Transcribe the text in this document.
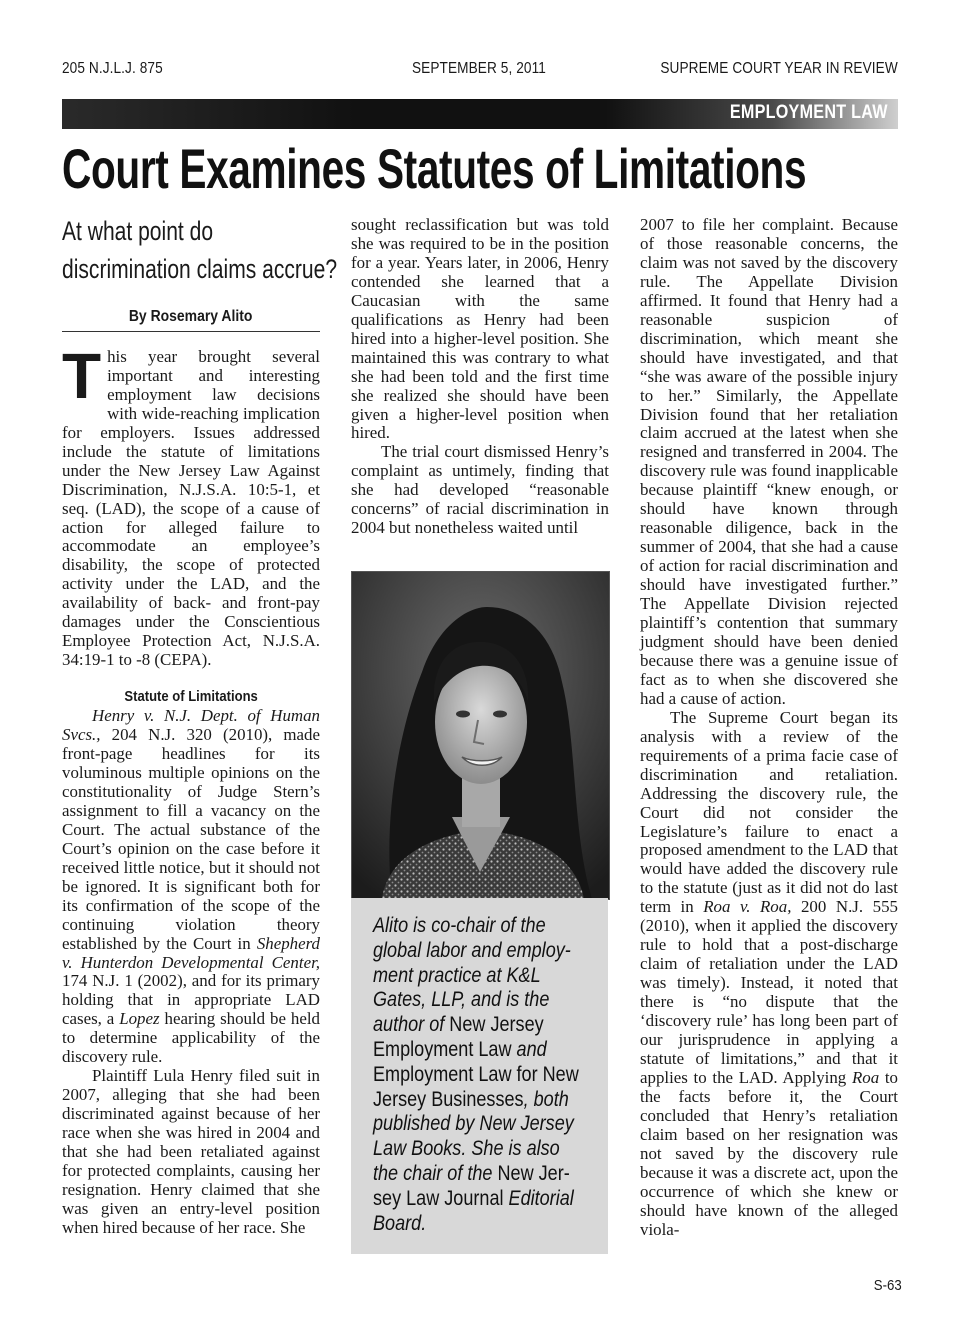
205 N.J.L.J. 875	SEPTEMBER 5, 2011	SUPREME COURT YEAR IN REVIEW
EMPLOYMENT LAW
Court Examines Statutes of Limitations
At what point do
discrimination claims accrue?
By Rosemary Alito

This year brought several important and interesting employment law decisions with wide-reaching implication for employers. Issues addressed include the statute of limitations under the New Jersey Law Against Discrimination, N.J.S.A. 10:5-1, et seq. (LAD), the scope of a cause of action for alleged failure to accommodate an employee’s disability, the scope of protected activity under the LAD, and the availability of back- and front-pay damages under the Conscientious Employee Protection Act, N.J.S.A. 34:19-1 to -8 (CEPA).

Statute of Limitations

Henry v. N.J. Dept. of Human Svcs., 204 N.J. 320 (2010), made front-page headlines for its voluminous multiple opinions on the constitutionality of Judge Stern’s assignment to fill a vacancy on the Court. The actual substance of the Court’s opinion on the case before it received little notice, but it should not be ignored. It is significant both for its confirmation of the scope of the continuing violation theory established by the Court in Shepherd v. Hunterdon Developmental Center, 174 N.J. 1 (2002), and for its primary holding that in appropriate LAD cases, a Lopez hearing should be held to determine applicability of the discovery rule.

Plaintiff Lula Henry filed suit in 2007, alleging that she had been discriminated against because of her race when she was hired in 2004 and that she had been retaliated against for protected complaints, causing her resignation. Henry claimed that she was given an entry-level position when hired because of her race. She

sought reclassification but was told she was required to be in the position for a year. Years later, in 2006, Henry contended she learned that a Caucasian with the same qualifications as Henry had been hired into a higher-level position. She maintained this was contrary to what she had been told and the first time she realized she should have been given a higher-level position when hired.

The trial court dismissed Henry’s complaint as untimely, finding that she had developed “reasonable concerns” of racial discrimination in 2004 but nonetheless waited until

Alito is co-chair of the
global labor and employ-
ment practice at K&L
Gates, LLP, and is the
author of New Jersey
Employment Law and
Employment Law for New
Jersey Businesses, both
published by New Jersey
Law Books. She is also
the chair of the New Jer-
sey Law Journal Editorial
Board.

2007 to file her complaint. Because of those reasonable concerns, the claim was not saved by the discovery rule. The Appellate Division affirmed. It found that Henry had a reasonable suspicion of discrimination, which meant she should have investigated, and that “she was aware of the possible injury to her.” Similarly, the Appellate Division found that her retaliation claim accrued at the latest when she resigned and transferred in 2004. The discovery rule was found inapplicable because plaintiff “knew enough, or should have known through reasonable diligence, back in the summer of 2004, that she had a cause of action for racial discrimination and should have investigated further.” The Appellate Division rejected plaintiff’s contention that summary judgment should have been denied because there was a genuine issue of fact as to when she discovered she had a cause of action.

The Supreme Court began its analysis with a review of the requirements of a prima facie case of discrimination and retaliation. Addressing the discovery rule, the Court did not consider the Legislature’s failure to enact a proposed amendment to the LAD that would have added the discovery rule to the statute (just as it did not do last term in Roa v. Roa, 200 N.J. 555 (2010), when it applied the discovery rule to hold that a post-discharge claim of retaliation under the LAD was timely). Instead, it noted that there is “no dispute that the ‘discovery rule’ has long been part of our jurisprudence in applying a statute of limitations,” and that it applies to the LAD. Applying Roa to the facts before it, the Court concluded that Henry’s retaliation claim based on her resignation was not saved by the discovery rule because it was a discrete act, upon the occurrence of which she knew or should have known of the alleged viola-

S-63
